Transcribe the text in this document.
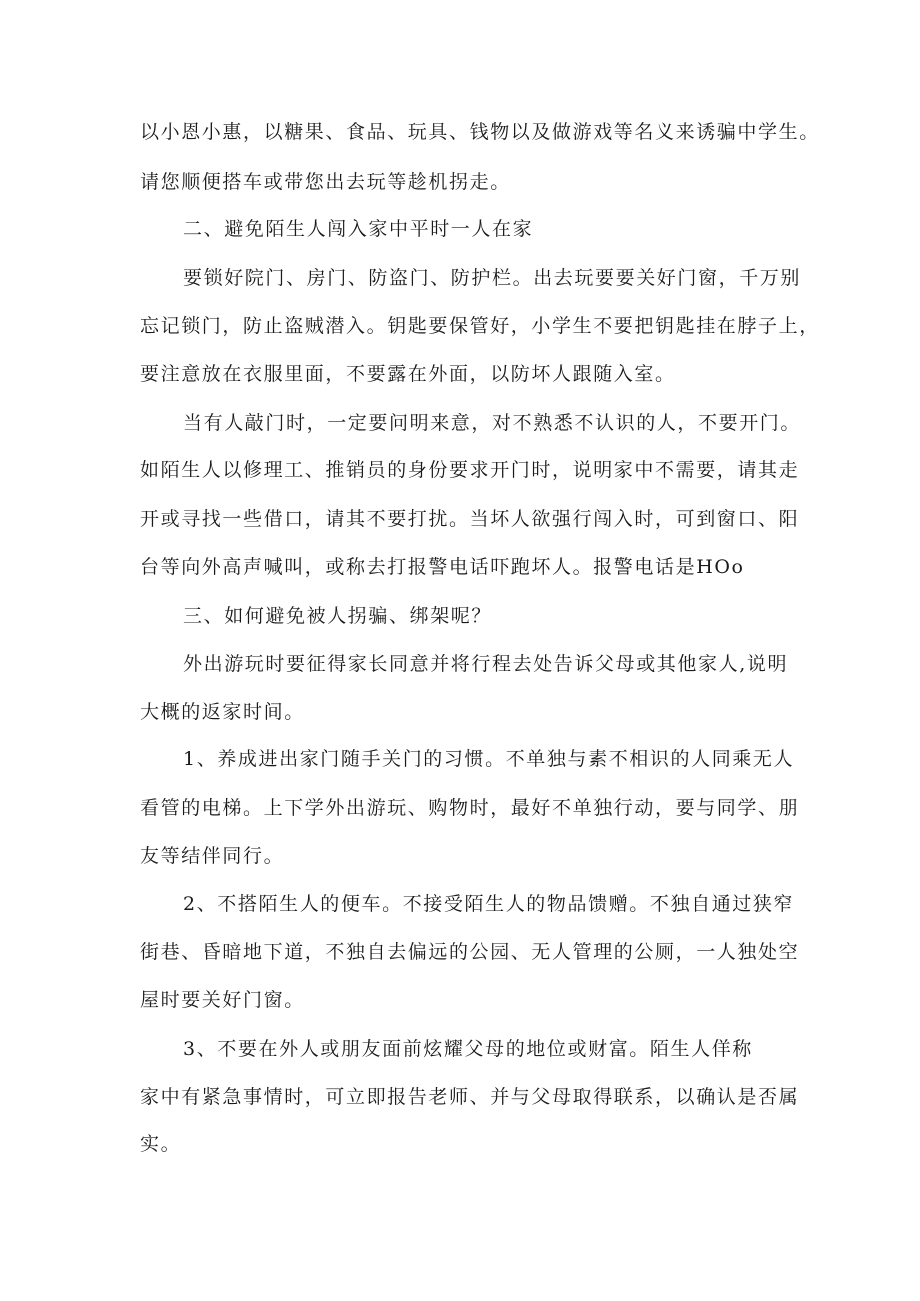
以小恩小惠，以糖果、食品、玩具、钱物以及做游戏等名义来诱骗中学生。
请您顺便搭车或带您出去玩等趁机拐走。
二、避免陌生人闯入家中平时一人在家
要锁好院门、房门、防盗门、防护栏。出去玩要要关好门窗，千万别
忘记锁门，防止盗贼潜入。钥匙要保管好，小学生不要把钥匙挂在脖子上，
要注意放在衣服里面，不要露在外面，以防坏人跟随入室。
当有人敲门时，一定要问明来意，对不熟悉不认识的人，不要开门。
如陌生人以修理工、推销员的身份要求开门时，说明家中不需要，请其走
开或寻找一些借口，请其不要打扰。当坏人欲强行闯入时，可到窗口、阳
台等向外高声喊叫，或称去打报警电话吓跑坏人。报警电话是HOo
三、如何避免被人拐骗、绑架呢？
外出游玩时要征得家长同意并将行程去处告诉父母或其他家人,说明
大概的返家时间。
1、养成进出家门随手关门的习惯。不单独与素不相识的人同乘无人
看管的电梯。上下学外出游玩、购物时，最好不单独行动，要与同学、朋
友等结伴同行。
2、不搭陌生人的便车。不接受陌生人的物品馈赠。不独自通过狭窄
街巷、昏暗地下道，不独自去偏远的公园、无人管理的公厕，一人独处空
屋时要关好门窗。
3、不要在外人或朋友面前炫耀父母的地位或财富。陌生人佯称
家中有紧急事情时，可立即报告老师、并与父母取得联系，以确认是否属
实。
